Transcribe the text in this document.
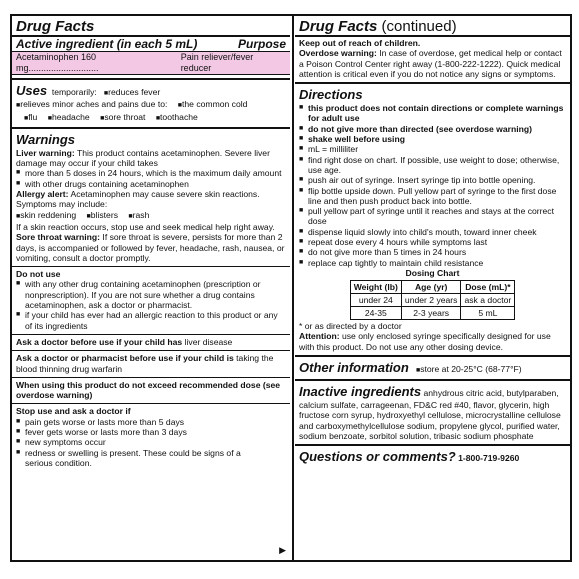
Drug Facts

Active ingredient (in each 5 mL)	Purpose
Acetaminophen 160 mg............................
Pain reliever/fever reducer

Uses temporarily: ■ reduces fever

■ relieves minor aches and pains due to: ■ the common cold

■ flu ■ headache ■ sore throat ■ toothache

Warnings

Liver warning: This product contains acetaminophen. Severe liver damage may occur if your child takes

■ more than 5 doses in 24 hours, which is the maximum daily amount
■ with other drugs containing acetaminophen

Allergy alert: Acetaminophen may cause severe skin reactions. Symptoms may include:

■ skin reddening ■ blisters ■ rash

If a skin reaction occurs, stop use and seek medical help right away.

Sore throat warning: If sore throat is severe, persists for more than 2 days, is accompanied or followed by fever, headache, rash, nausea, or vomiting, consult a doctor promptly.

Do not use

■ with any other drug containing acetaminophen (prescription or nonprescription). If you are not sure whether a drug contains acetaminophen, ask a doctor or pharmacist.
■ if your child has ever had an allergic reaction to this product or any of its ingredients

Ask a doctor before use if your child has liver disease

Ask a doctor or pharmacist before use if your child is taking the blood thinning drug warfarin

When using this product do not exceed recommended dose (see overdose warning)

Stop use and ask a doctor if

■ pain gets worse or lasts more than 5 days
■ fever gets worse or lasts more than 3 days
■ new symptoms occur
■ redness or swelling is present. These could be signs of a serious condition.
▶

Drug Facts (continued)

Keep out of reach of children.

Overdose warning: In case of overdose, get medical help or contact a Poison Control Center right away (1-800-222-1222). Quick medical attention is critical even if you do not notice any signs or symptoms.

Directions

■ this product does not contain directions or complete warnings for adult use
■ do not give more than directed (see overdose warning)
■ shake well before using
■ mL = milliliter
■ find right dose on chart. If possible, use weight to dose; otherwise, use age.
■ push air out of syringe. Insert syringe tip into bottle opening.
■ flip bottle upside down. Pull yellow part of syringe to the first dose line and then push product back into bottle.
■ pull yellow part of syringe until it reaches and stays at the correct dose
■ dispense liquid slowly into child's mouth, toward inner cheek
■ repeat dose every 4 hours while symptoms last
■ do not give more than 5 times in 24 hours
■ replace cap tightly to maintain child resistance
Dosing Chart
Weight (lb)	Age (yr)	Dose (mL)*
under 24	under 2 years	ask a doctor
24-35	2-3 years	5 mL

* or as directed by a doctor

Attention: use only enclosed syringe specifically designed for use with this product. Do not use any other dosing device.

Other information ■ store at 20-25°C (68-77°F)

Inactive ingredients anhydrous citric acid, butylparaben, calcium sulfate, carrageenan, FD&C red #40, flavor, glycerin, high fructose corn syrup, hydroxyethyl cellulose, microcrystalline cellulose and carboxymethylcellulose sodium, propylene glycol, purified water, sodium benzoate, sorbitol solution, tribasic sodium phosphate

Questions or comments? 1-800-719-9260
